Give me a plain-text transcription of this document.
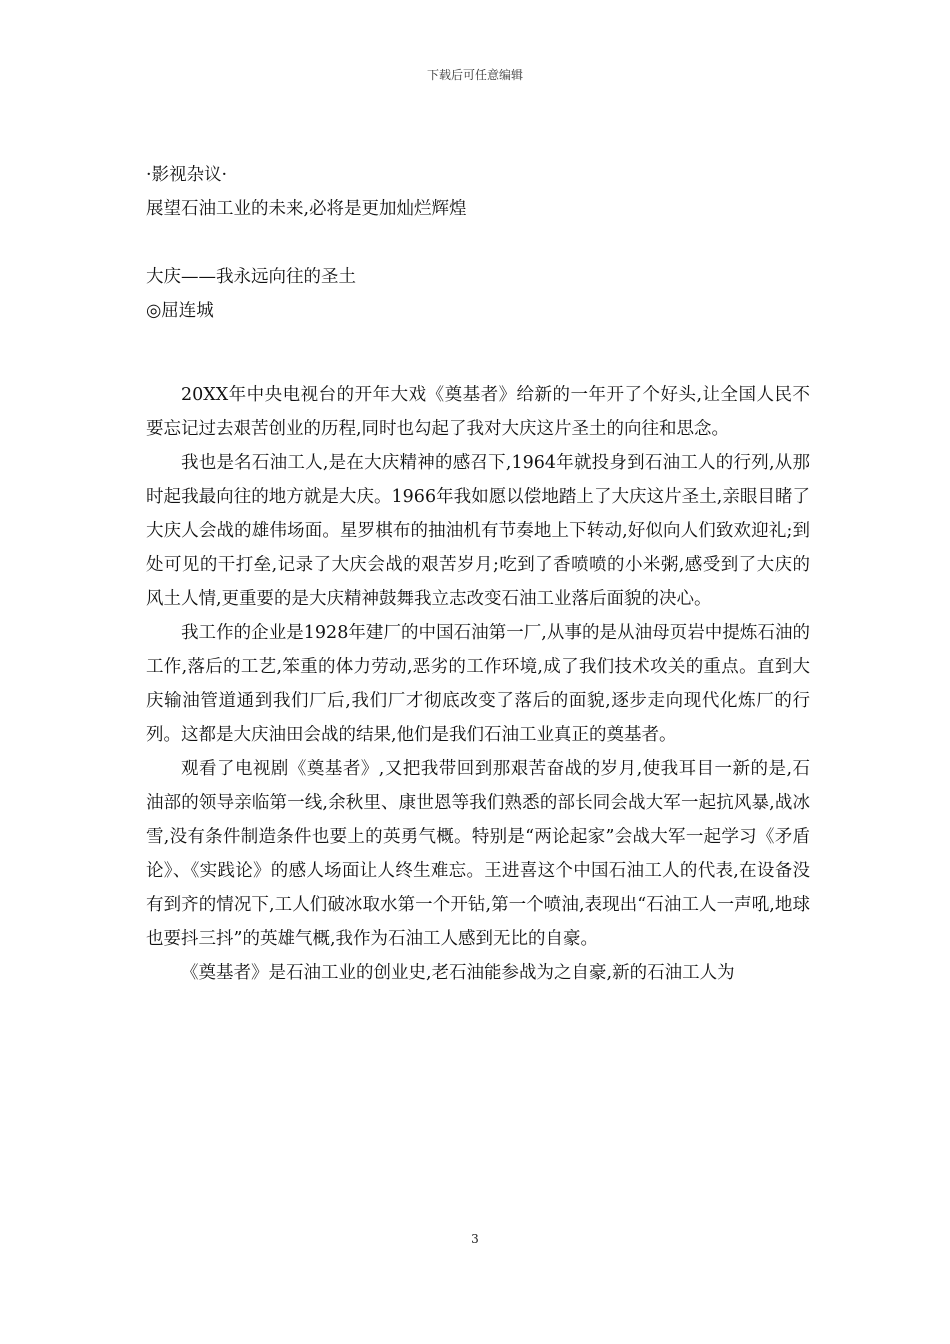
下载后可任意编辑
·影视杂议·
展望石油工业的未来,必将是更加灿烂辉煌
大庆——我永远向往的圣土
◎屈连城

20XX年中央电视台的开年大戏《奠基者》给新的一年开了个好头,让全国人民不要忘记过去艰苦创业的历程,同时也勾起了我对大庆这片圣土的向往和思念。

我也是名石油工人,是在大庆精神的感召下,1964年就投身到石油工人的行列,从那时起我最向往的地方就是大庆。1966年我如愿以偿地踏上了大庆这片圣土,亲眼目睹了大庆人会战的雄伟场面。星罗棋布的抽油机有节奏地上下转动,好似向人们致欢迎礼;到处可见的干打垒,记录了大庆会战的艰苦岁月;吃到了香喷喷的小米粥,感受到了大庆的风土人情,更重要的是大庆精神鼓舞我立志改变石油工业落后面貌的决心。

我工作的企业是1928年建厂的中国石油第一厂,从事的是从油母页岩中提炼石油的工作,落后的工艺,笨重的体力劳动,恶劣的工作环境,成了我们技术攻关的重点。直到大庆输油管道通到我们厂后,我们厂才彻底改变了落后的面貌,逐步走向现代化炼厂的行列。这都是大庆油田会战的结果,他们是我们石油工业真正的奠基者。

观看了电视剧《奠基者》,又把我带回到那艰苦奋战的岁月,使我耳目一新的是,石油部的领导亲临第一线,余秋里、康世恩等我们熟悉的部长同会战大军一起抗风暴,战冰雪,没有条件制造条件也要上的英勇气概。特别是“两论起家”会战大军一起学习《矛盾论》、《实践论》的感人场面让人终生难忘。王进喜这个中国石油工人的代表,在设备没有到齐的情况下,工人们破冰取水第一个开钻,第一个喷油,表现出“石油工人一声吼,地球也要抖三抖”的英雄气概,我作为石油工人感到无比的自豪。

《奠基者》是石油工业的创业史,老石油能参战为之自豪,新的石油工人为

3
